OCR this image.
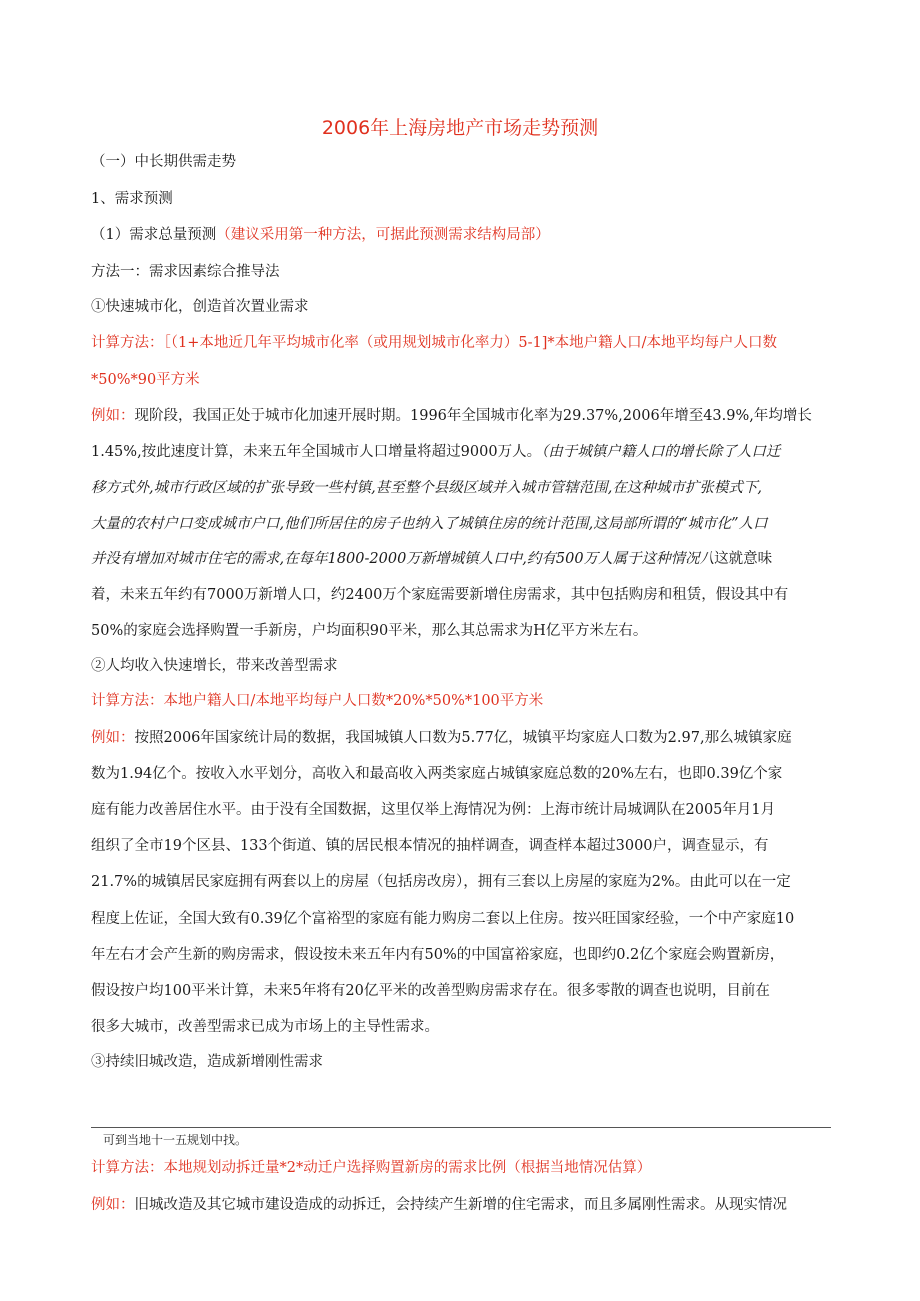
2006年上海房地产市场走势预测
（一）中长期供需走势
1、需求预测
（1）需求总量预测（建议采用第一种方法，可据此预测需求结构局部）
方法一：需求因素综合推导法
①快速城市化，创造首次置业需求
计算方法：［（1+本地近几年平均城市化率（或用规划城市化率力）5-1]*本地户籍人口/本地平均每户人口数
*50%*90平方米
例如：现阶段，我国正处于城市化加速开展时期。1996年全国城市化率为29.37%,2006年增至43.9%,年均增长
1.45%,按此速度计算，未来五年全国城市人口增量将超过9000万人。（由于城镇户籍人口的增长除了人口迁
移方式外,城市行政区域的扩张导致一些村镇,甚至整个县级区域并入城市管辖范围,在这种城市扩张模式下,
大量的农村户口变成城市户口,他们所居住的房子也纳入了城镇住房的统计范围,这局部所谓的“城市化”人口
并没有增加对城市住宅的需求,在每年1800-2000万新增城镇人口中,约有500万人属于这种情况八这就意味
着，未来五年约有7000万新增人口，约2400万个家庭需要新增住房需求，其中包括购房和租赁，假设其中有
50%的家庭会选择购置一手新房，户均面积90平米，那么其总需求为H亿平方米左右。
②人均收入快速增长，带来改善型需求
计算方法：本地户籍人口/本地平均每户人口数*20%*50%*100平方米
例如：按照2006年国家统计局的数据，我国城镇人口数为5.77亿，城镇平均家庭人口数为2.97,那么城镇家庭
数为1.94亿个。按收入水平划分，高收入和最高收入两类家庭占城镇家庭总数的20%左右，也即0.39亿个家
庭有能力改善居住水平。由于没有全国数据，这里仅举上海情况为例：上海市统计局城调队在2005年月1月
组织了全市19个区县、133个街道、镇的居民根本情况的抽样调查，调查样本超过3000户，调查显示，有
21.7%的城镇居民家庭拥有两套以上的房屋（包括房改房），拥有三套以上房屋的家庭为2%。由此可以在一定
程度上佐证，全国大致有0.39亿个富裕型的家庭有能力购房二套以上住房。按兴旺国家经验，一个中产家庭10
年左右才会产生新的购房需求，假设按未来五年内有50%的中国富裕家庭，也即约0.2亿个家庭会购置新房，
假设按户均100平米计算，未来5年将有20亿平米的改善型购房需求存在。很多零散的调查也说明，目前在
很多大城市，改善型需求已成为市场上的主导性需求。
③持续旧城改造，造成新增刚性需求
可到当地十一五规划中找。
计算方法：本地规划动拆迁量*2*动迁户选择购置新房的需求比例（根据当地情况估算）
例如：旧城改造及其它城市建设造成的动拆迁，会持续产生新增的住宅需求，而且多属刚性需求。从现实情况
